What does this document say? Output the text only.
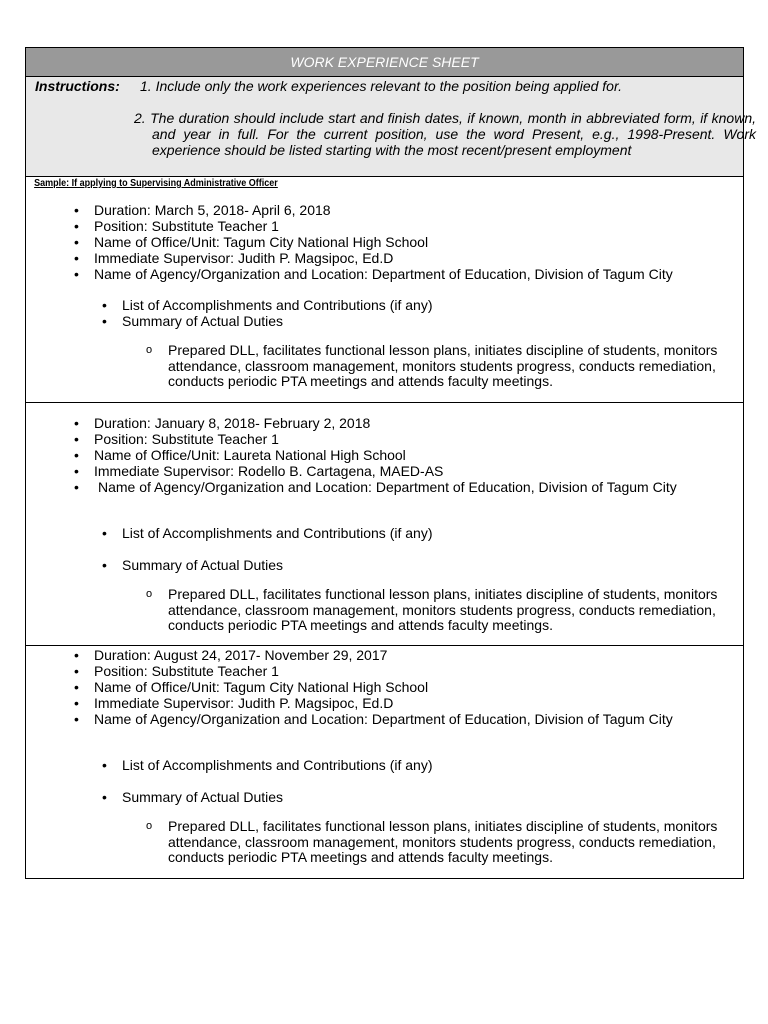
WORK EXPERIENCE SHEET
Instructions: 1. Include only the work experiences relevant to the position being applied for.
2. The duration should include start and finish dates, if known, month in abbreviated form, if known, and year in full. For the current position, use the word Present, e.g., 1998-Present. Work experience should be listed starting with the most recent/present employment
Sample: If applying to Supervising Administrative Officer
• Duration: March 5, 2018- April 6, 2018
• Position: Substitute Teacher 1
• Name of Office/Unit: Tagum City National High School
• Immediate Supervisor: Judith P. Magsipoc, Ed.D
• Name of Agency/Organization and Location: Department of Education, Division of Tagum City
• List of Accomplishments and Contributions (if any)
• Summary of Actual Duties
o Prepared DLL, facilitates functional lesson plans, initiates discipline of students, monitors attendance, classroom management, monitors students progress, conducts remediation, conducts periodic PTA meetings and attends faculty meetings.
• Duration: January 8, 2018- February 2, 2018
• Position: Substitute Teacher 1
• Name of Office/Unit: Laureta National High School
• Immediate Supervisor: Rodello B. Cartagena, MAED-AS
• Name of Agency/Organization and Location: Department of Education, Division of Tagum City
• List of Accomplishments and Contributions (if any)
• Summary of Actual Duties
o Prepared DLL, facilitates functional lesson plans, initiates discipline of students, monitors attendance, classroom management, monitors students progress, conducts remediation, conducts periodic PTA meetings and attends faculty meetings.
• Duration: August 24, 2017- November 29, 2017
• Position: Substitute Teacher 1
• Name of Office/Unit: Tagum City National High School
• Immediate Supervisor: Judith P. Magsipoc, Ed.D
• Name of Agency/Organization and Location: Department of Education, Division of Tagum City
• List of Accomplishments and Contributions (if any)
• Summary of Actual Duties
o Prepared DLL, facilitates functional lesson plans, initiates discipline of students, monitors attendance, classroom management, monitors students progress, conducts remediation, conducts periodic PTA meetings and attends faculty meetings.
